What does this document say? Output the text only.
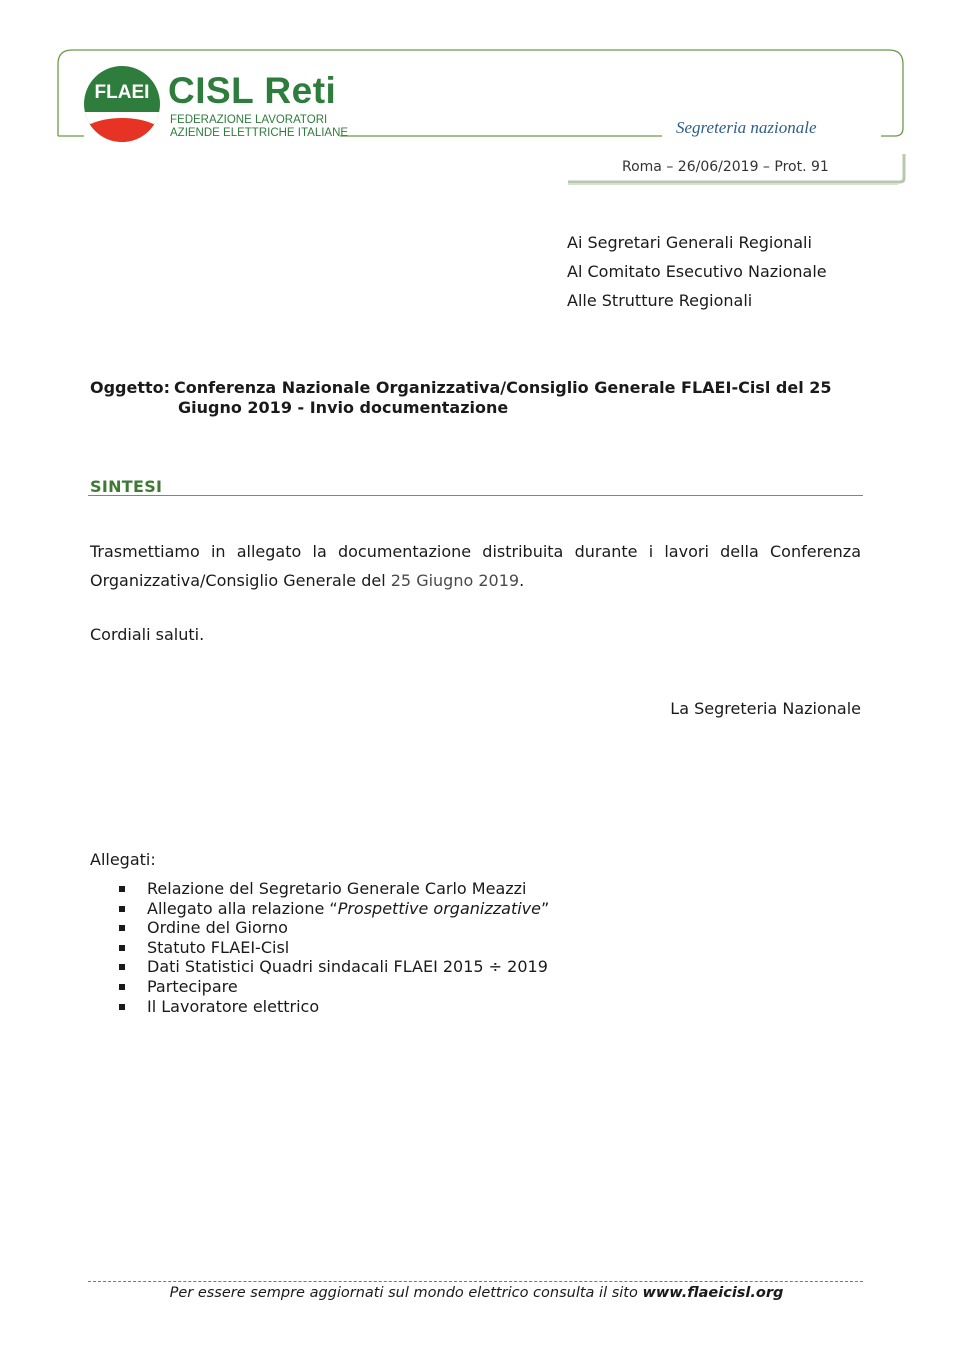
FLAEI CISL Reti
FEDERAZIONE LAVORATORI
AZIENDE ELETTRICHE ITALIANE	Segreteria nazionale
Roma – 26/06/2019 – Prot. 91
Ai Segretari Generali Regionali
Al Comitato Esecutivo Nazionale
Alle Strutture Regionali
Oggetto: Conferenza Nazionale Organizzativa/Consiglio Generale FLAEI-Cisl del 25
Giugno 2019 - Invio documentazione
SINTESI
Trasmettiamo in allegato la documentazione distribuita durante i lavori della Conferenza
Organizzativa/Consiglio Generale del 25 Giugno 2019.
Cordiali saluti.
La Segreteria Nazionale
Allegati:
Relazione del Segretario Generale Carlo Meazzi
Allegato alla relazione “Prospettive organizzative”
Ordine del Giorno
Statuto FLAEI-Cisl
Dati Statistici Quadri sindacali FLAEI 2015 ÷ 2019
Partecipare
Il Lavoratore elettrico
Per essere sempre aggiornati sul mondo elettrico consulta il sito www.flaeicisl.org
